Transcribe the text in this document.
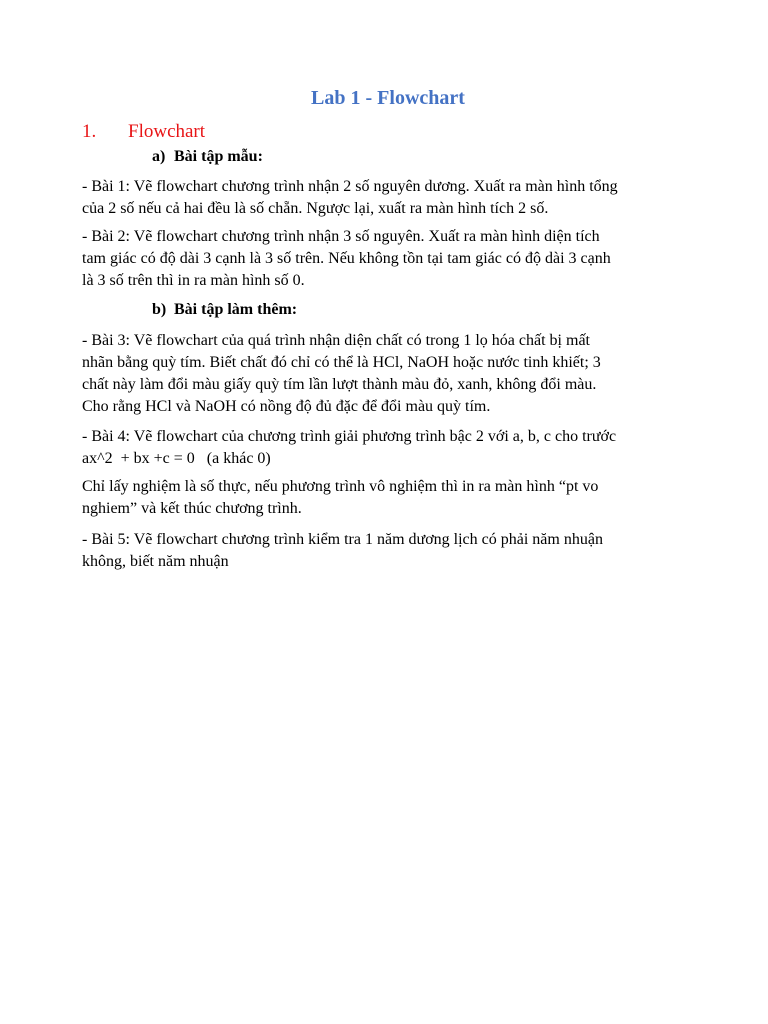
Lab 1 - Flowchart
1. Flowchart
a) Bài tập mẫu:

- Bài 1: Vẽ flowchart chương trình nhận 2 số nguyên dương. Xuất ra màn hình tổng
của 2 số nếu cả hai đều là số chẵn. Ngược lại, xuất ra màn hình tích 2 số.

- Bài 2: Vẽ flowchart chương trình nhận 3 số nguyên. Xuất ra màn hình diện tích
tam giác có độ dài 3 cạnh là 3 số trên. Nếu không tồn tại tam giác có độ dài 3 cạnh
là 3 số trên thì in ra màn hình số 0.

b) Bài tập làm thêm:

- Bài 3: Vẽ flowchart của quá trình nhận diện chất có trong 1 lọ hóa chất bị mất
nhãn bằng quỳ tím. Biết chất đó chỉ có thể là HCl, NaOH hoặc nước tinh khiết; 3
chất này làm đổi màu giấy quỳ tím lần lượt thành màu đỏ, xanh, không đổi màu.
Cho rằng HCl và NaOH có nồng độ đủ đặc để đổi màu quỳ tím.

- Bài 4: Vẽ flowchart của chương trình giải phương trình bậc 2 với a, b, c cho trước
ax^2  + bx +c = 0   (a khác 0)

Chỉ lấy nghiệm là số thực, nếu phương trình vô nghiệm thì in ra màn hình “pt vo
nghiem” và kết thúc chương trình.

- Bài 5: Vẽ flowchart chương trình kiểm tra 1 năm dương lịch có phải năm nhuận
không, biết năm nhuận
